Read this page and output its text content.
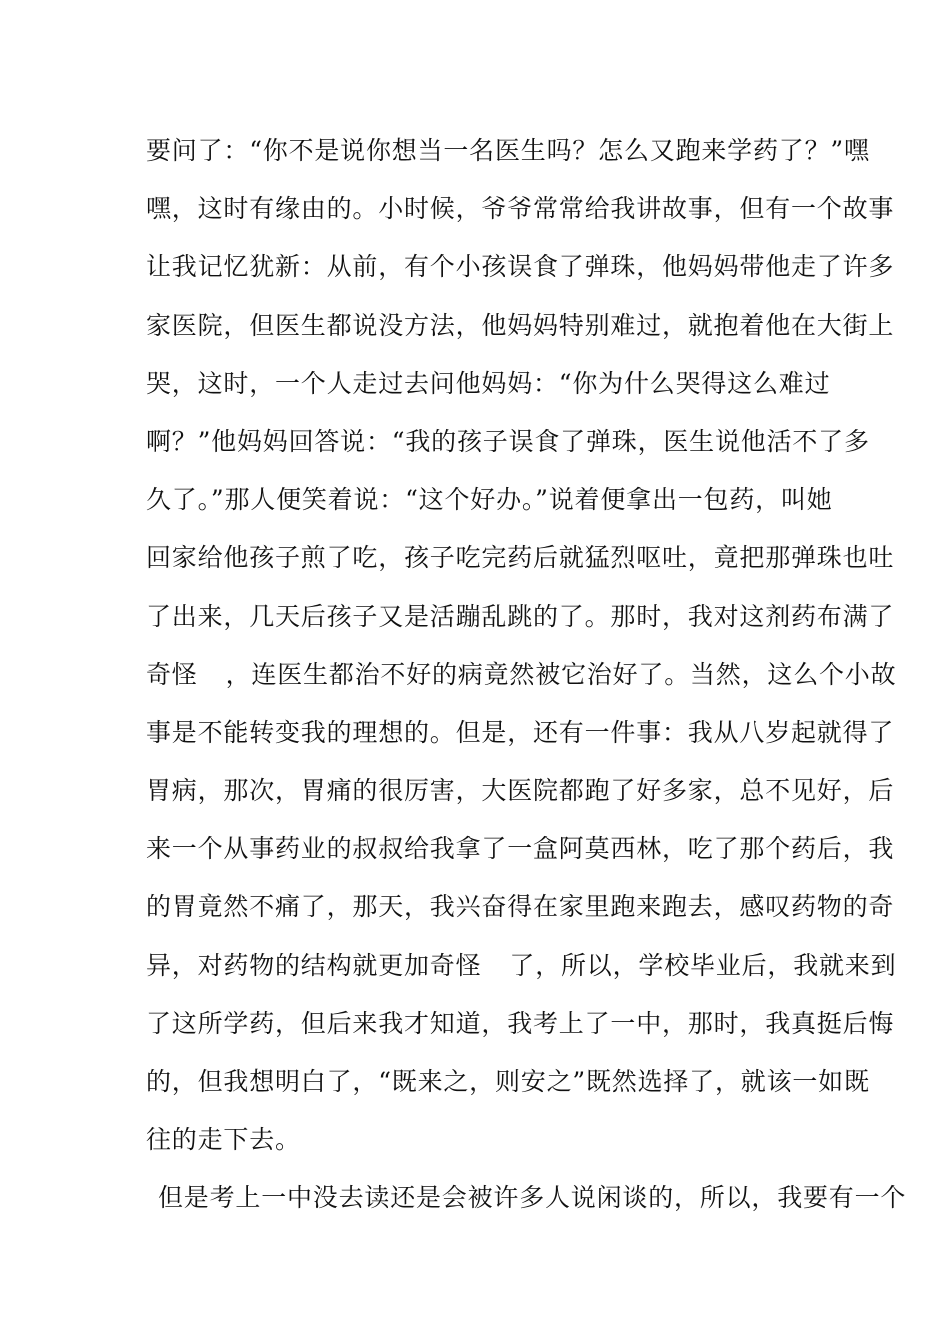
要问了：“你不是说你想当一名医生吗？怎么又跑来学药了？”嘿
嘿，这时有缘由的。小时候，爷爷常常给我讲故事，但有一个故事
让我记忆犹新：从前，有个小孩误食了弹珠，他妈妈带他走了许多
家医院，但医生都说没方法，他妈妈特别难过，就抱着他在大街上
哭，这时，一个人走过去问他妈妈：“你为什么哭得这么难过
啊？”他妈妈回答说：“我的孩子误食了弹珠，医生说他活不了多
久了。”那人便笑着说：“这个好办。”说着便拿出一包药，叫她
回家给他孩子煎了吃，孩子吃完药后就猛烈呕吐，竟把那弹珠也吐
了出来，几天后孩子又是活蹦乱跳的了。那时，我对这剂药布满了
奇怪 ，连医生都治不好的病竟然被它治好了。当然，这么个小故
事是不能转变我的理想的。但是，还有一件事：我从八岁起就得了
胃病，那次，胃痛的很厉害，大医院都跑了好多家，总不见好，后
来一个从事药业的叔叔给我拿了一盒阿莫西林，吃了那个药后，我
的胃竟然不痛了，那天，我兴奋得在家里跑来跑去，感叹药物的奇
异，对药物的结构就更加奇怪 了，所以，学校毕业后，我就来到
了这所学药，但后来我才知道，我考上了一中，那时，我真挺后悔
的，但我想明白了，“既来之，则安之”既然选择了，就该一如既
往的走下去。
但是考上一中没去读还是会被许多人说闲谈的，所以，我要有一个
